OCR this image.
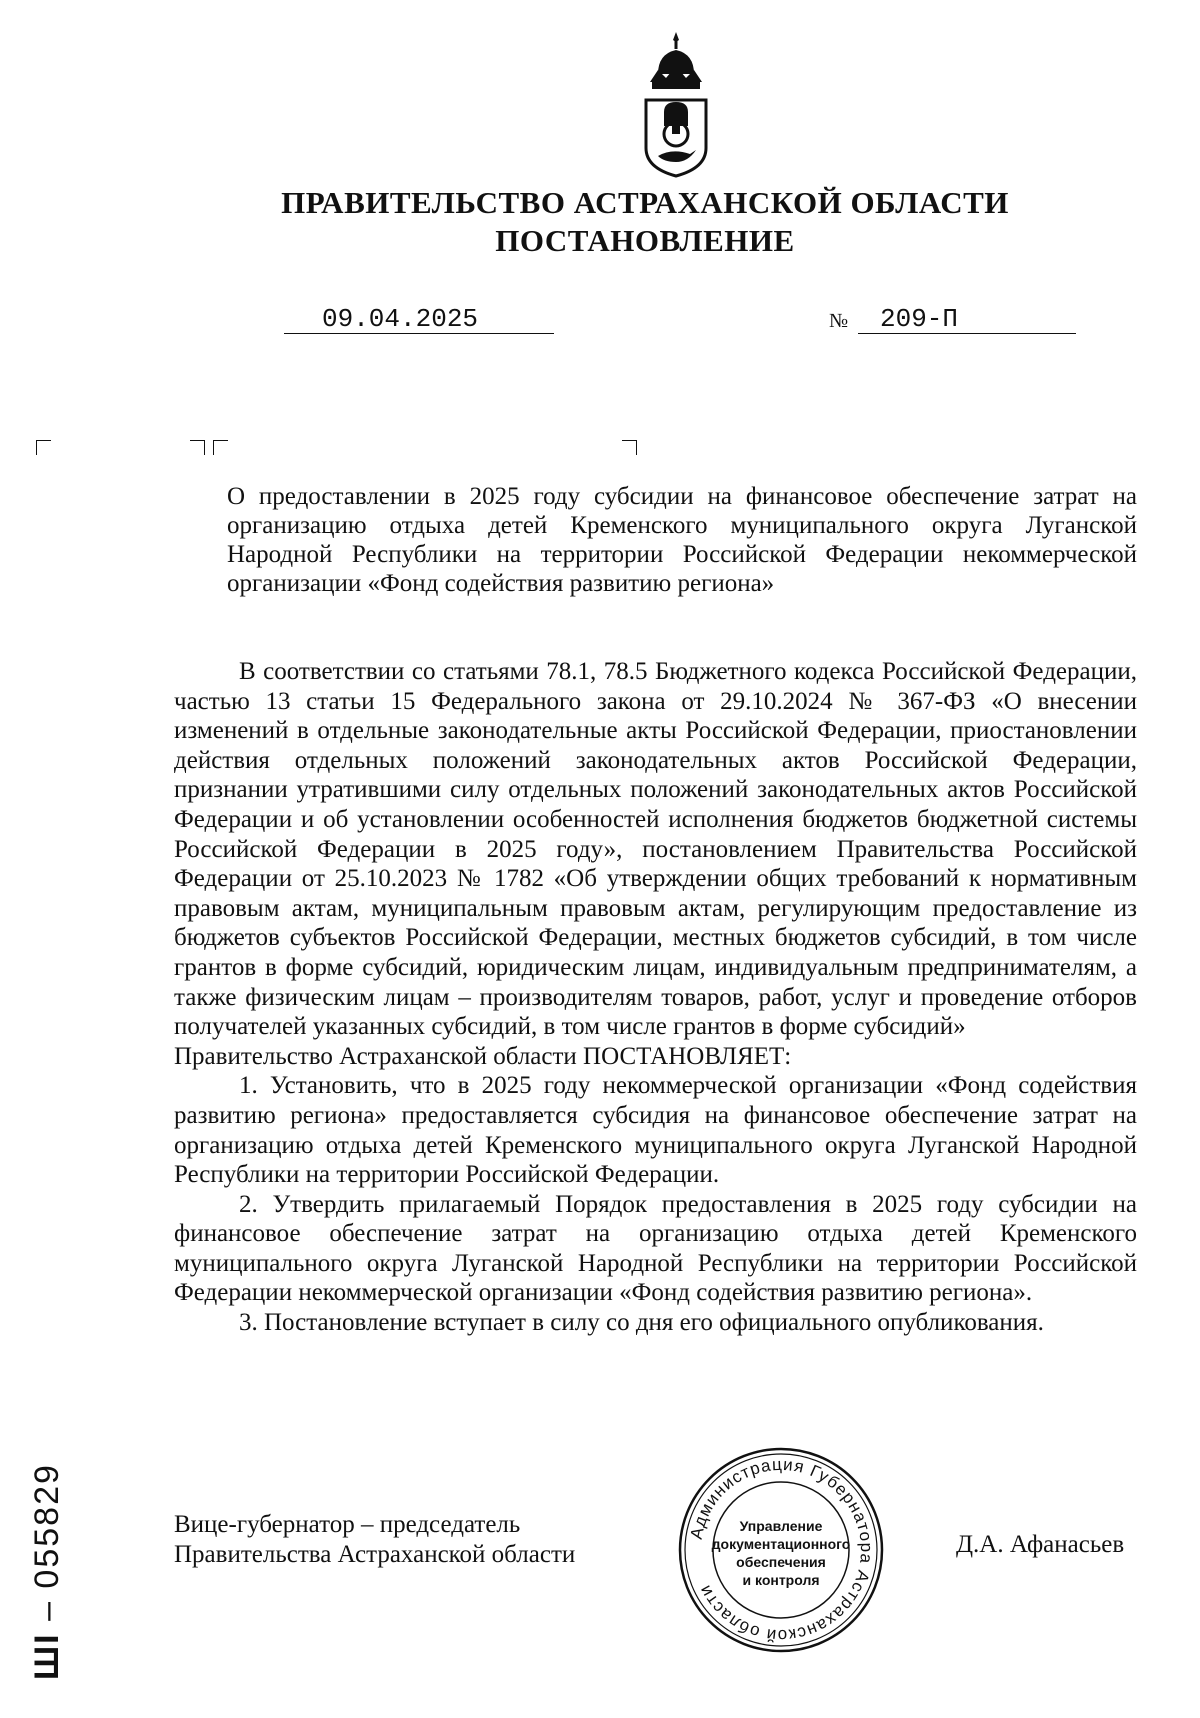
ПРАВИТЕЛЬСТВО АСТРАХАНСКОЙ ОБЛАСТИ
ПОСТАНОВЛЕНИЕ
09.04.2025	№	209-П
О предоставлении в 2025 году субсидии на финансовое обеспечение затрат на организацию отдыха детей Кременского муниципального округа Луганской Народной Республики на территории Российской Федерации некоммерческой организации «Фонд содействия развитию региона»

В соответствии со статьями 78.1, 78.5 Бюджетного кодекса Российской Федерации, частью 13 статьи 15 Федерального закона от 29.10.2024 № 367-ФЗ «О внесении изменений в отдельные законодательные акты Российской Федерации, приостановлении действия отдельных положений законодательных актов Российской Федерации, признании утратившими силу отдельных положений законодательных актов Российской Федерации и об установлении особенностей исполнения бюджетов бюджетной системы Российской Федерации в 2025 году», постановлением Правительства Российской Федерации от 25.10.2023 № 1782 «Об утверждении общих требований к нормативным правовым актам, муниципальным правовым актам, регулирующим предоставление из бюджетов субъектов Российской Федерации, местных бюджетов субсидий, в том числе грантов в форме субсидий, юридическим лицам, индивидуальным предпринимателям, а также физическим лицам – производителям товаров, работ, услуг и проведение отборов получателей указанных субсидий, в том числе грантов в форме субсидий»

Правительство Астраханской области ПОСТАНОВЛЯЕТ:

1. Установить, что в 2025 году некоммерческой организации «Фонд содействия развитию региона» предоставляется субсидия на финансовое обеспечение затрат на организацию отдыха детей Кременского муниципального округа Луганской Народной Республики на территории Российской Федерации.

2. Утвердить прилагаемый Порядок предоставления в 2025 году субсидии на финансовое обеспечение затрат на организацию отдыха детей Кременского муниципального округа Луганской Народной Республики на территории Российской Федерации некоммерческой организации «Фонд содействия развитию региона».

3. Постановление вступает в силу со дня его официального опубликования.

Вице-губернатор – председатель
Правительства Астраханской области
Администрация Губернатора Астраханской области
Управление
документационного
обеспечения
и контроля
Д.А. Афанасьев
ШI – 055829
